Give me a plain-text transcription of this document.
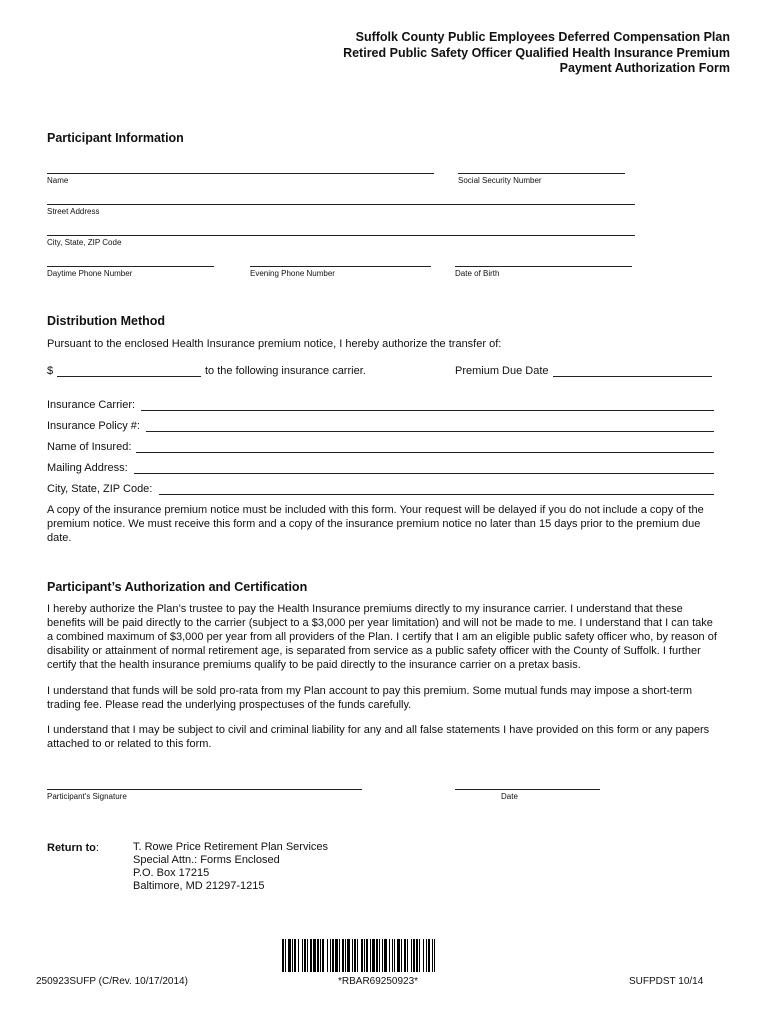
Suffolk County Public Employees Deferred Compensation Plan
Retired Public Safety Officer Qualified Health Insurance Premium
Payment Authorization Form
Participant Information
Name	Social Security Number
Street Address
City, State, ZIP Code
Daytime Phone Number	Evening Phone Number	Date of Birth
Distribution Method
Pursuant to the enclosed Health Insurance premium notice, I hereby authorize the transfer of:
$	to the following insurance carrier.	Premium Due Date
Insurance Carrier:
Insurance Policy #:
Name of Insured:
Mailing Address:
City, State, ZIP Code:
A copy of the insurance premium notice must be included with this form. Your request will be delayed if you do not include a copy of the premium notice. We must receive this form and a copy of the insurance premium notice no later than 15 days prior to the premium due date.
Participant’s Authorization and Certification
I hereby authorize the Plan’s trustee to pay the Health Insurance premiums directly to my insurance carrier. I understand that these benefits will be paid directly to the carrier (subject to a $3,000 per year limitation) and will not be made to me. I understand that I can take a combined maximum of $3,000 per year from all providers of the Plan. I certify that I am an eligible public safety officer who, by reason of disability or attainment of normal retirement age, is separated from service as a public safety officer with the County of Suffolk. I further certify that the health insurance premiums qualify to be paid directly to the insurance carrier on a pretax basis.
I understand that funds will be sold pro-rata from my Plan account to pay this premium. Some mutual funds may impose a short-term trading fee. Please read the underlying prospectuses of the funds carefully.
I understand that I may be subject to civil and criminal liability for any and all false statements I have provided on this form or any papers attached to or related to this form.
Participant's Signature	Date
Return to:	T. Rowe Price Retirement Plan Services
Special Attn.: Forms Enclosed
P.O. Box 17215
Baltimore, MD 21297-1215
250923SUFP (C/Rev. 10/17/2014)	*RBAR69250923*	SUFPDST 10/14
